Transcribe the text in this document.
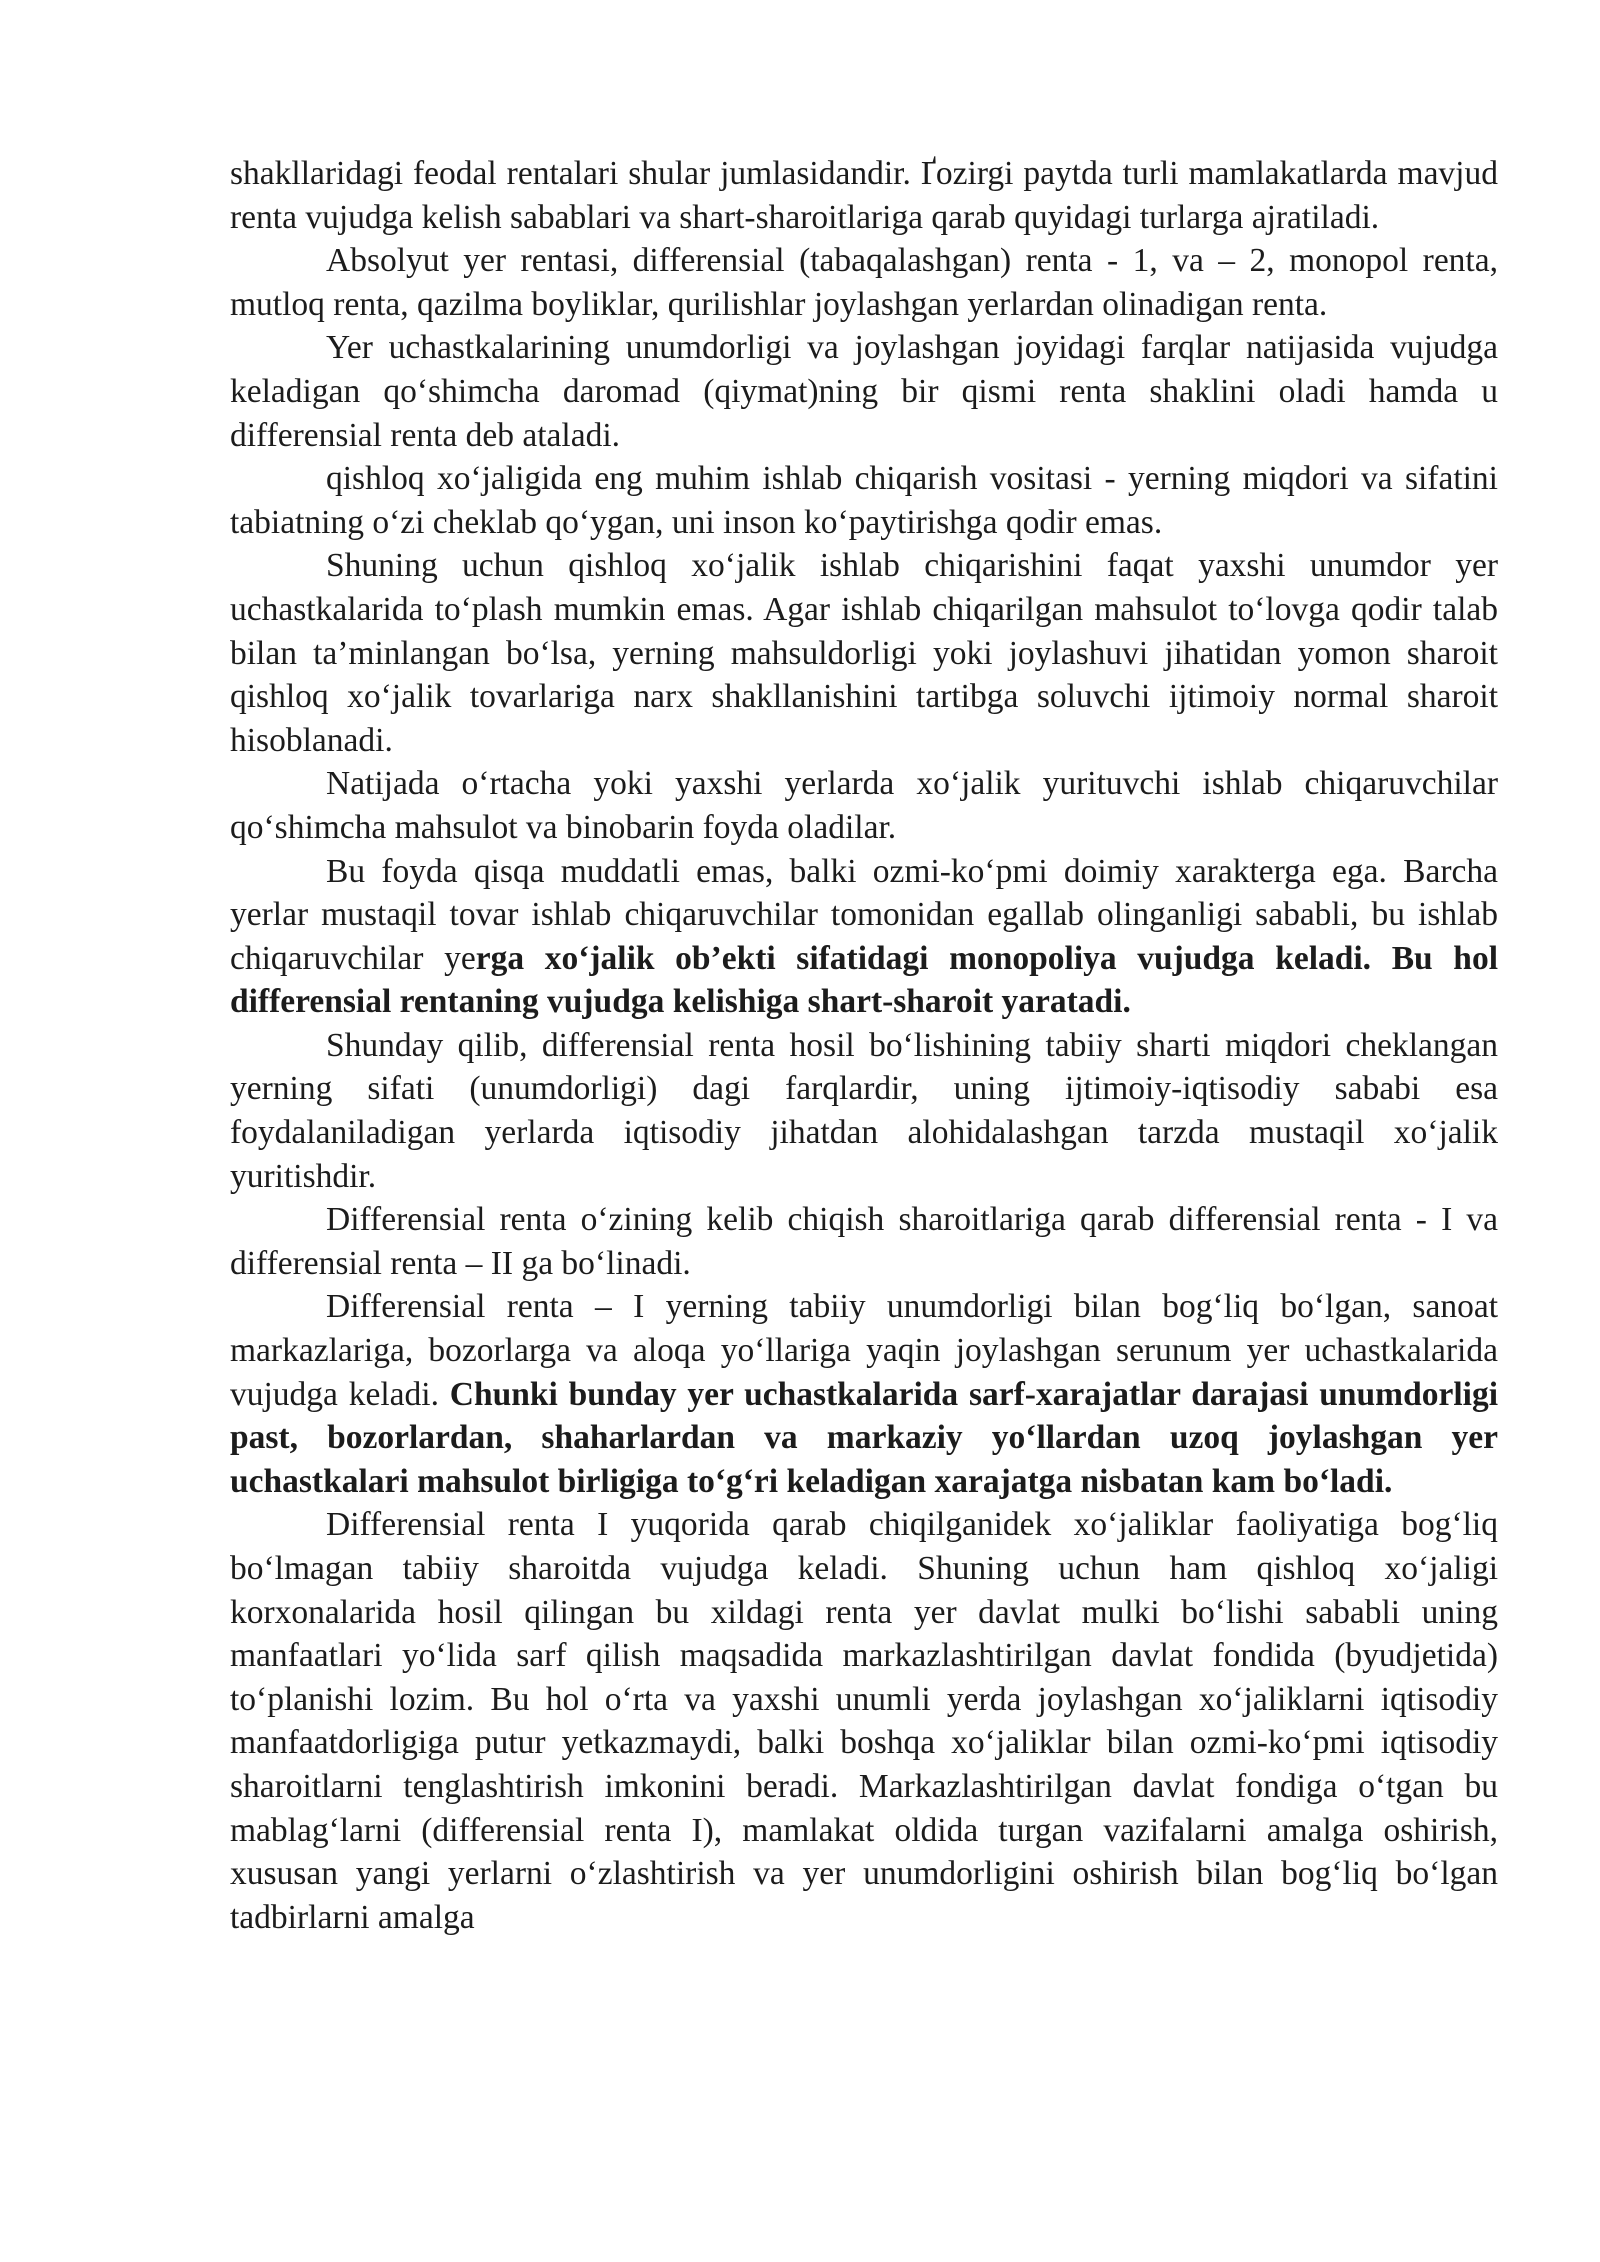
shakllaridagi feodal rentalari shular jumlasidandir. Ґozirgi paytda turli mamlakatlarda mavjud renta vujudga kelish sabablari va shart-sharoitlariga qarab quyidagi turlarga ajratiladi.

Absolyut yer rentasi, differensial (tabaqalashgan) renta - 1, va – 2, monopol renta, mutloq renta, qazilma boyliklar, qurilishlar joylashgan yerlardan olinadigan renta.

Yer uchastkalarining unumdorligi va joylashgan joyidagi farqlar natijasida vujudga keladigan qo‘shimcha daromad (qiymat)ning bir qismi renta shaklini oladi hamda u differensial renta deb ataladi.

qishloq xo‘jaligida eng muhim ishlab chiqarish vositasi - yerning miqdori va sifatini tabiatning o‘zi cheklab qo‘ygan, uni inson ko‘paytirishga qodir emas.

Shuning uchun qishloq xo‘jalik ishlab chiqarishini faqat yaxshi unumdor yer uchastkalarida to‘plash mumkin emas. Agar ishlab chiqarilgan mahsulot to‘lovga qodir talab bilan ta’minlangan bo‘lsa, yerning mahsuldorligi yoki joylashuvi jihatidan yomon sharoit qishloq xo‘jalik tovarlariga narx shakllanishini tartibga soluvchi ijtimoiy normal sharoit hisoblanadi.

Natijada o‘rtacha yoki yaxshi yerlarda xo‘jalik yurituvchi ishlab chiqaruvchilar qo‘shimcha mahsulot va binobarin foyda oladilar.

Bu foyda qisqa muddatli emas, balki ozmi-ko‘pmi doimiy xarakterga ega. Barcha yerlar mustaqil tovar ishlab chiqaruvchilar tomonidan egallab olinganligi sababli, bu ishlab chiqaruvchilar yerga xo‘jalik ob’ekti sifatidagi monopoliya vujudga keladi. Bu hol differensial rentaning vujudga kelishiga shart-sharoit yaratadi.

Shunday qilib, differensial renta hosil bo‘lishining tabiiy sharti miqdori cheklangan yerning sifati (unumdorligi) dagi farqlardir, uning ijtimoiy-iqtisodiy sababi esa foydalaniladigan yerlarda iqtisodiy jihatdan alohidalashgan tarzda mustaqil xo‘jalik yuritishdir.

Differensial renta o‘zining kelib chiqish sharoitlariga qarab differensial renta - I va differensial renta – II ga bo‘linadi.

Differensial renta – I yerning tabiiy unumdorligi bilan bog‘liq bo‘lgan, sanoat markazlariga, bozorlarga va aloqa yo‘llariga yaqin joylashgan serunum yer uchastkalarida vujudga keladi. Chunki bunday yer uchastkalarida sarf-xarajatlar darajasi unumdorligi past, bozorlardan, shaharlardan va markaziy yo‘llardan uzoq joylashgan yer uchastkalari mahsulot birligiga to‘g‘ri keladigan xarajatga nisbatan kam bo‘ladi.

Differensial renta I yuqorida qarab chiqilganidek xo‘jaliklar faoliyatiga bog‘liq bo‘lmagan tabiiy sharoitda vujudga keladi. Shuning uchun ham qishloq xo‘jaligi korxonalarida hosil qilingan bu xildagi renta yer davlat mulki bo‘lishi sababli uning manfaatlari yo‘lida sarf qilish maqsadida markazlashtirilgan davlat fondida (byudjetida) to‘planishi lozim. Bu hol o‘rta va yaxshi unumli yerda joylashgan xo‘jaliklarni iqtisodiy manfaatdorligiga putur yetkazmaydi, balki boshqa xo‘jaliklar bilan ozmi-ko‘pmi iqtisodiy sharoitlarni tenglashtirish imkonini beradi. Markazlashtirilgan davlat fondiga o‘tgan bu mablag‘larni (differensial renta I), mamlakat oldida turgan vazifalarni amalga oshirish, xususan yangi yerlarni o‘zlashtirish va yer unumdorligini oshirish bilan bog‘liq bo‘lgan tadbirlarni amalga
